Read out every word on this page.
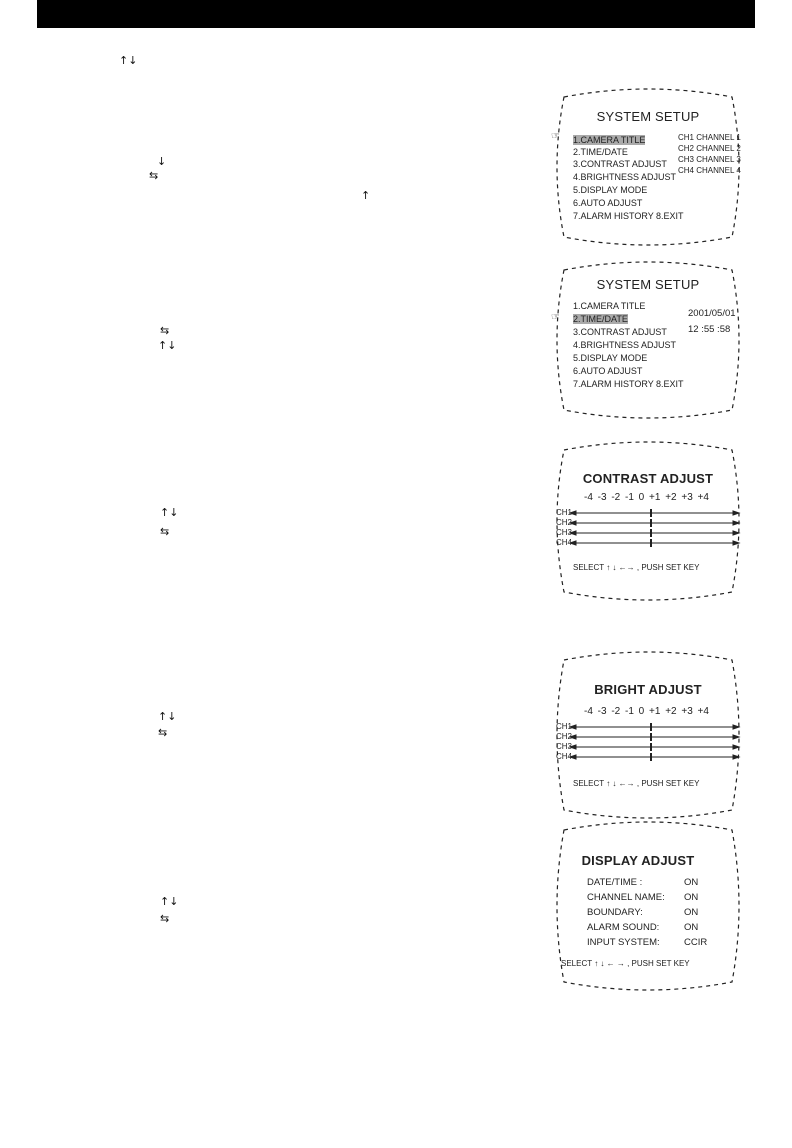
↑↓
↓
⇆
↑
⇆
↑↓
↑↓
⇆
↑↓
⇆
↑↓
⇆
SYSTEM SETUP
☞ 1.CAMERA TITLE
2.TIME/DATE
3.CONTRAST ADJUST
4.BRIGHTNESS ADJUST
5.DISPLAY MODE
6.AUTO ADJUST
7.ALARM HISTORY 8.EXIT
CH1 CHANNEL 1
CH2 CHANNEL 2
CH3 CHANNEL 3
CH4 CHANNEL 4
SYSTEM SETUP
☞
1.CAMERA TITLE
2.TIME/DATE
3.CONTRAST ADJUST
4.BRIGHTNESS ADJUST
5.DISPLAY MODE
6.AUTO ADJUST
7.ALARM HISTORY 8.EXIT
2001/05/01
12 :55 :58
CONTRAST ADJUST
-4 -3 -2 -1 0 +1 +2 +3 +4
CH1
CH2
CH3
CH4
SELECT ↑ ↓ ←→ , PUSH SET KEY
BRIGHT ADJUST
-4 -3 -2 -1 0 +1 +2 +3 +4
CH1
CH2
CH3
CH4
SELECT ↑ ↓ ←→ , PUSH SET KEY
DISPLAY ADJUST
DATE/TIME :	ON
CHANNEL NAME: ON
BOUNDARY:	ON
ALARM SOUND:	ON
INPUT SYSTEM:	CCIR
SELECT ↑ ↓ ← → , PUSH SET KEY
